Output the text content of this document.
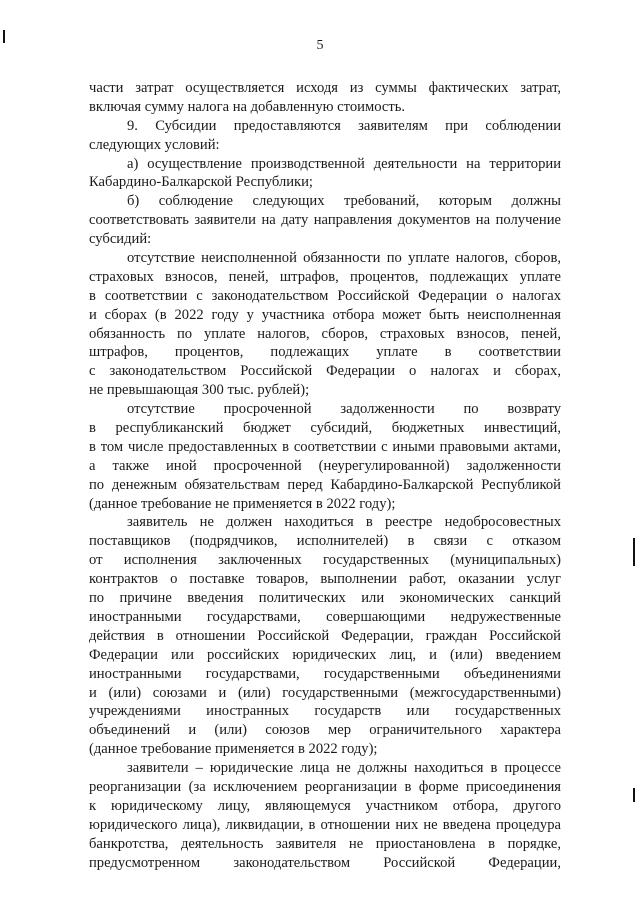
5
части затрат осуществляется исходя из суммы фактических затрат,
включая сумму налога на добавленную стоимость.
9. Субсидии предоставляются заявителям при соблюдении
следующих условий:
а) осуществление производственной деятельности на территории
Кабардино-Балкарской Республики;
б) соблюдение следующих требований, которым должны
соответствовать заявители на дату направления документов на получение
субсидий:
отсутствие неисполненной обязанности по уплате налогов, сборов,
страховых взносов, пеней, штрафов, процентов, подлежащих уплате
в соответствии с законодательством Российской Федерации о налогах
и сборах (в 2022 году у участника отбора может быть неисполненная
обязанность по уплате налогов, сборов, страховых взносов, пеней,
штрафов, процентов, подлежащих уплате в соответствии
с законодательством Российской Федерации о налогах и сборах,
не превышающая 300 тыс. рублей);
отсутствие просроченной задолженности по возврату
в республиканский бюджет субсидий, бюджетных инвестиций,
в том числе предоставленных в соответствии с иными правовыми актами,
а также иной просроченной (неурегулированной) задолженности
по денежным обязательствам перед Кабардино-Балкарской Республикой
(данное требование не применяется в 2022 году);
заявитель не должен находиться в реестре недобросовестных
поставщиков (подрядчиков, исполнителей) в связи с отказом
от исполнения заключенных государственных (муниципальных)
контрактов о поставке товаров, выполнении работ, оказании услуг
по причине введения политических или экономических санкций
иностранными государствами, совершающими недружественные
действия в отношении Российской Федерации, граждан Российской
Федерации или российских юридических лиц, и (или) введением
иностранными государствами, государственными объединениями
и (или) союзами и (или) государственными (межгосударственными)
учреждениями иностранных государств или государственных
объединений и (или) союзов мер ограничительного характера
(данное требование применяется в 2022 году);
заявители – юридические лица не должны находиться в процессе
реорганизации (за исключением реорганизации в форме присоединения
к юридическому лицу, являющемуся участником отбора, другого
юридического лица), ликвидации, в отношении них не введена процедура
банкротства, деятельность заявителя не приостановлена в порядке,
предусмотренном законодательством Российской Федерации,
